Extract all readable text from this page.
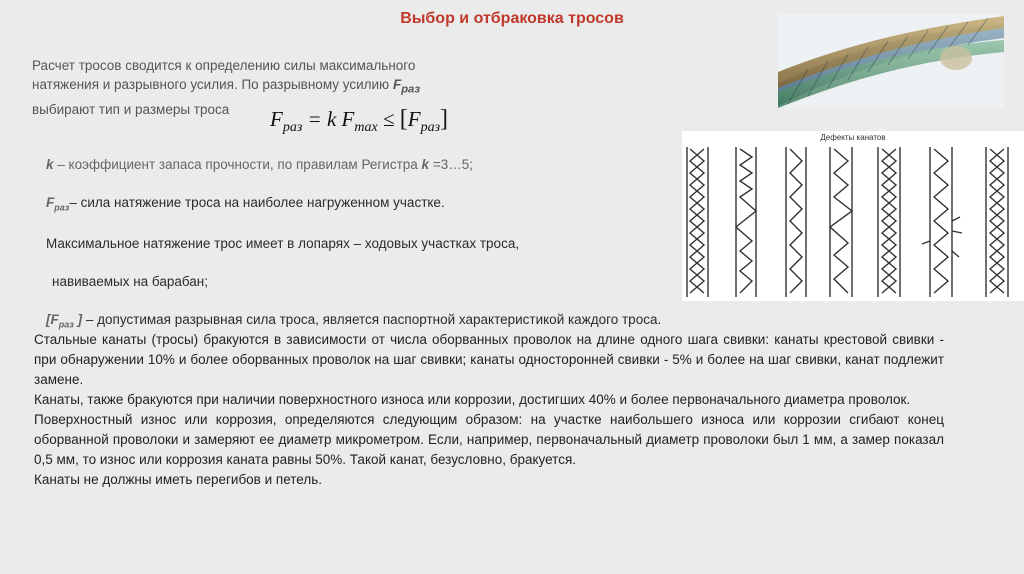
Выбор и отбраковка тросов
Дефекты канатов
Расчет тросов сводится к определению силы максимального
натяжения и разрывного усилия. По разрывному усилию $F_{раз}$
выбирают тип и размеры троса	$F_{раз} = k$ $F_{max} \le [F_{раз}]$
k – коэффициент запаса прочности, по правилам Регистра k =3…5;
$F_{раз}-$ сила натяжение троса на наиболее нагруженном участке.
Максимальное натяжение трос имеет в лопарях – ходовых участках троса,
навиваемых на барабан;
[$F_{раз}$ ] – допустимая разрывная сила троса, является паспортной характеристикой каждого троса.

Стальные канаты (тросы) бракуются в зависимости от числа оборванных проволок на длине одного шага свивки: канаты крестовой свивки - при обнаружении 10% и более оборванных проволок на шаг свивки; канаты односторонней свивки - 5% и более на шаг свивки, канат подлежит замене.

Канаты, также бракуются при наличии поверхностного износа или коррозии, достигших 40% и более первоначального диаметра проволок.

Поверхностный износ или коррозия, определяются следующим образом: на участке наибольшего износа или коррозии сгибают конец оборванной проволоки и замеряют ее диаметр микрометром. Если, например, первоначальный диаметр проволоки был 1 мм, а замер показал 0,5 мм, то износ или коррозия каната равны 50%. Такой канат, безусловно, бракуется.

Канаты не должны иметь перегибов и петель.
